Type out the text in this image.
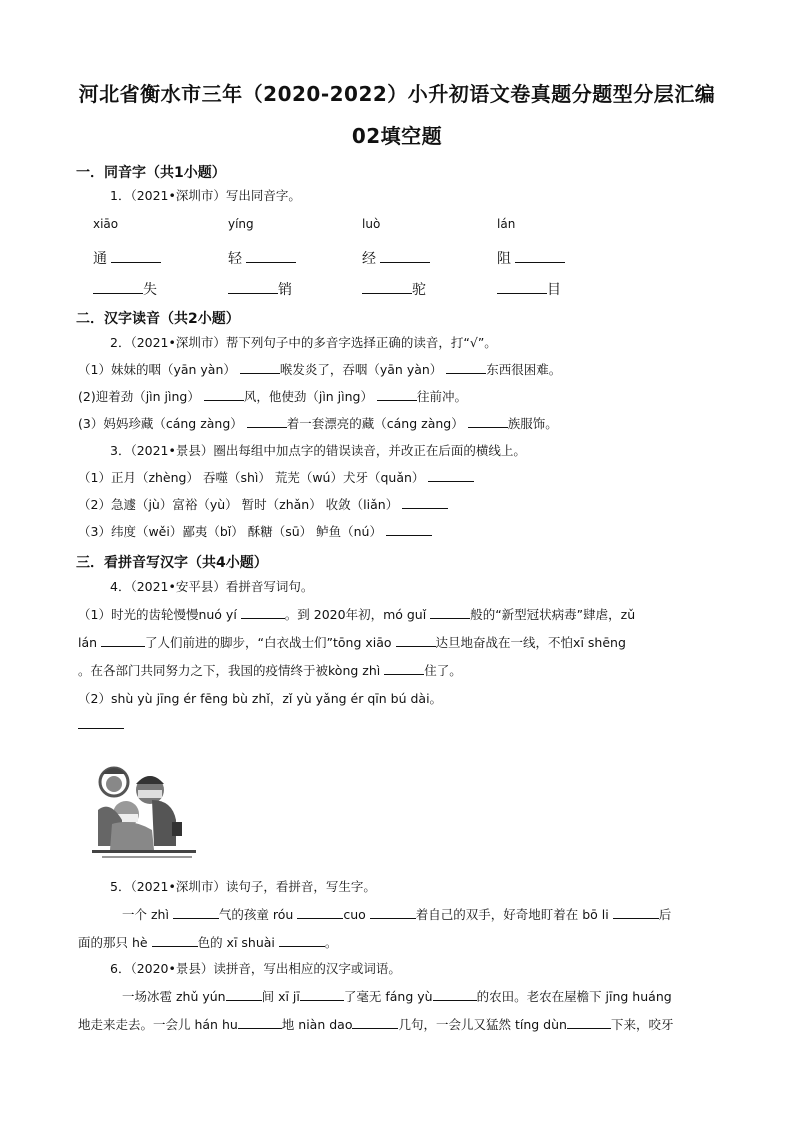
河北省衡水市三年（2020-2022）小升初语文卷真题分题型分层汇编
02填空题
一．同音字（共1小题）
1．（2021•深圳市）写出同音字。
xiāo	yíng	luò	lán
通	轻	经	阻
失	销	驼	目
二．汉字读音（共2小题）
2．（2021•深圳市）帮下列句子中的多音字选择正确的读音，打“√”。
（1）妹妹的咽（yān yàn）	喉发炎了，吞咽（yān yàn）	东西很困难。
(2)迎着劲（jìn jìng）	风，他使劲（jìn jìng）	往前冲。
(3）妈妈珍藏（cáng zàng）	着一套漂亮的藏（cáng zàng）	族服饰。
3．（2021•景县）圈出每组中加点字的错误读音，并改正在后面的横线上。
（1）正月（zhèng） 吞噬（shì） 荒芜（wú）犬牙（quǎn）
（2）急遽（jù）富裕（yù） 暂时（zhǎn） 收敛（liǎn）
（3）纬度（wěi）鄙夷（bǐ） 酥糖（sū） 鲈鱼（nú）
三．看拼音写汉字（共4小题）
4．（2021•安平县）看拼音写词句。
（1）时光的齿轮慢慢nuó yí	。到 2020年初，mó guǐ	般的“新型冠状病毒”肆虐，zǔ
lán	了人们前进的脚步，“白衣战士们”tōng xiāo	达旦地奋战在一线，不怕xī shēng
。在各部门共同努力之下，我国的疫情终于被kòng zhì	住了。
（2）shù yù jīng ér fēng bù zhǐ，zǐ yù yǎng ér qīn bú dài。
5．（2021•深圳市）读句子，看拼音，写生字。
一个 zhì	气的孩童 róu	cuo	着自己的双手，好奇地盯着在 bō li	后
面的那只 hè	色的 xī shuài	。
6．（2020•景县）读拼音，写出相应的汉字或词语。
一场冰雹 zhǔ yún	间 xī jī	了毫无 fáng yù	的农田。老农在屋檐下 jīng huáng
地走来走去。一会儿 hán hu	地 niàn dao	几句，一会儿又猛然 tíng dùn	下来，咬牙
